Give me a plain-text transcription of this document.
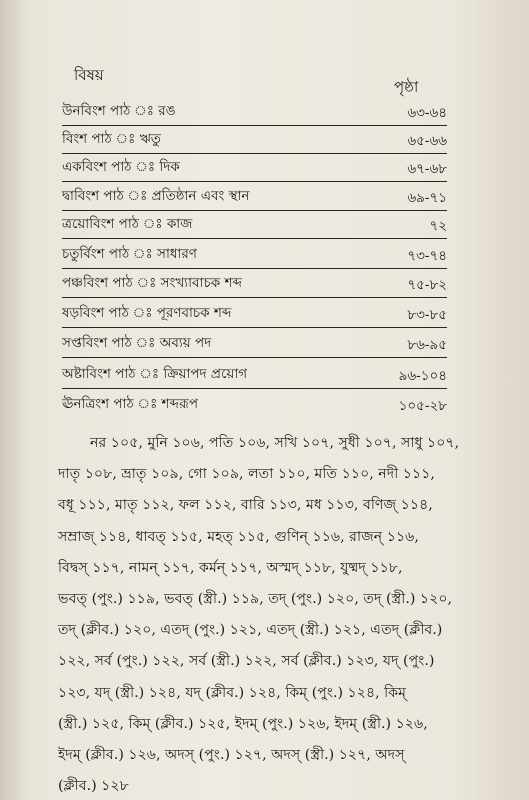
বিষয়
পৃষ্ঠা
উনবিংশ পাঠ ঃ রঙ	৬৩-৬৪
বিংশ পাঠ ঃ ঋতু	৬৫-৬৬
একবিংশ পাঠ ঃ দিক	৬৭-৬৮
দ্বাবিংশ পাঠ ঃ প্রতিষ্ঠান এবং স্থান	৬৯-৭১
ত্রয়োবিংশ পাঠ ঃ কাজ	৭২
চতুর্বিংশ পাঠ ঃ সাধারণ	৭৩-৭৪
পঞ্চবিংশ পাঠ ঃ সংখ্যাবাচক শব্দ	৭৫-৮২
ষড়বিংশ পাঠ ঃ পূরণবাচক শব্দ	৮৩-৮৫
সপ্তবিংশ পাঠ ঃ অব্যয় পদ	৮৬-৯৫
অষ্টাবিংশ পাঠ ঃ ক্রিয়াপদ প্রয়োগ	৯৬-১০৪
ঊনত্রিংশ পাঠ ঃ শব্দরূপ	১০৫-২৮
নর ১০৫, মুনি ১০৬, পতি ১০৬, সখি ১০৭, সুধী ১০৭, সাধু ১০৭,
দাতৃ ১০৮, ভ্রাতৃ ১০৯, গো ১০৯, লতা ১১০, মতি ১১০, নদী ১১১,
বধূ ১১১, মাতৃ ১১২, ফল ১১২, বারি ১১৩, মধ ১১৩, বণিজ্ ১১৪,
সম্রাজ্ ১১৪, ধাবত্ ১১৫, মহত্ ১১৫, গুণিন্ ১১৬, রাজন্ ১১৬,
বিদ্বস্ ১১৭, নামন্ ১১৭, কর্মন্ ১১৭, অস্মদ্ ১১৮, যুষ্মদ্ ১১৮,
ভবত্ (পুং.) ১১৯, ভবত্ (স্ত্রী.) ১১৯, তদ্ (পুং.) ১২০, তদ্ (স্ত্রী.) ১২০,
তদ্ (ক্লীব.) ১২০, এতদ্ (পুং.) ১২১, এতদ্ (স্ত্রী.) ১২১, এতদ্ (ক্লীব.)
১২২, সর্ব (পুং.) ১২২, সর্ব (স্ত্রী.) ১২২, সর্ব (ক্লীব.) ১২৩, যদ্ (পুং.)
১২৩, যদ্ (স্ত্রী.) ১২৪, যদ্ (ক্লীব.) ১২৪, কিম্ (পুং.) ১২৪, কিম্
(স্ত্রী.) ১২৫, কিম্ (ক্লীব.) ১২৫, ইদম্ (পুং.) ১২৬, ইদম্ (স্ত্রী.) ১২৬,
ইদম্ (ক্লীব.) ১২৬, অদস্ (পুং.) ১২৭, অদস্ (স্ত্রী.) ১২৭, অদস্
(ক্লীব.) ১২৮
